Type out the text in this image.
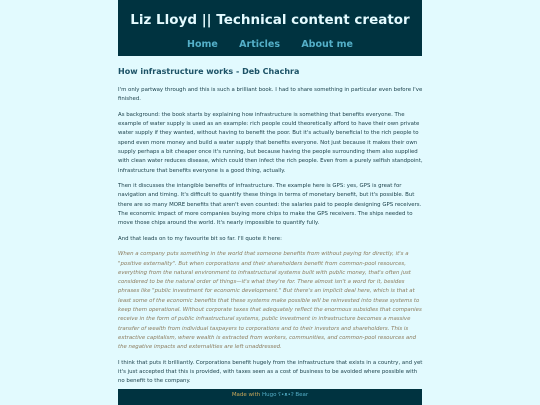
Liz Lloyd || Technical content creator
Home Articles About me
How infrastructure works - Deb Chachra

I'm only partway through and this is such a brilliant book. I had to share something in particular even before I've finished.

As background: the book starts by explaining how infrastructure is something that benefits everyone. The example of water supply is used as an example: rich people could theoretically afford to have their own private water supply if they wanted, without having to benefit the poor. But it's actually beneficial to the rich people to spend even more money and build a water supply that benefits everyone. Not just because it makes their own supply perhaps a bit cheaper once it's running, but because having the people surrounding them also supplied with clean water reduces disease, which could then infect the rich people. Even from a purely selfish standpoint, infrastructure that benefits everyone is a good thing, actually.

Then it discusses the intangible benefits of infrastructure. The example here is GPS: yes, GPS is great for navigation and timing. It's difficult to quantify these things in terms of monetary benefit, but it's possible. But there are so many MORE benefits that aren't even counted: the salaries paid to people designing GPS receivers. The economic impact of more companies buying more chips to make the GPS receivers. The ships needed to move those chips around the world. It's nearly impossible to quantify fully.

And that leads on to my favourite bit so far. I'll quote it here:

When a company puts something in the world that someone benefits from without paying for directly, it's a "positive externality". But when corporations and their shareholders benefit from common-pool resources, everything from the natural environment to infrastructural systems built with public money, that's often just considered to be the natural order of things—it's what they're for. There almost isn't a word for it, besides phrases like "public investment for economic development." But there's an implicit deal here, which is that at least some of the economic benefits that these systems make possible will be reinvested into these systems to keep them operational. Without corporate taxes that adequately reflect the enormous subsidies that companies receive in the form of public infrastructural systems, public investment in infrastructure becomes a massive transfer of wealth from individual taxpayers to corporations and to their investors and shareholders. This is extractive capitalism, where wealth is extracted from workers, communities, and common-pool resources and the negative impacts and externalities are left unaddressed.

I think that puts it brilliantly. Corporations benefit hugely from the infrastructure that exists in a country, and yet it's just accepted that this is provided, with taxes seen as a cost of business to be avoided where possible with no benefit to the company.

Made with Hugo ʕ•ᴥ•ʔ Bear
